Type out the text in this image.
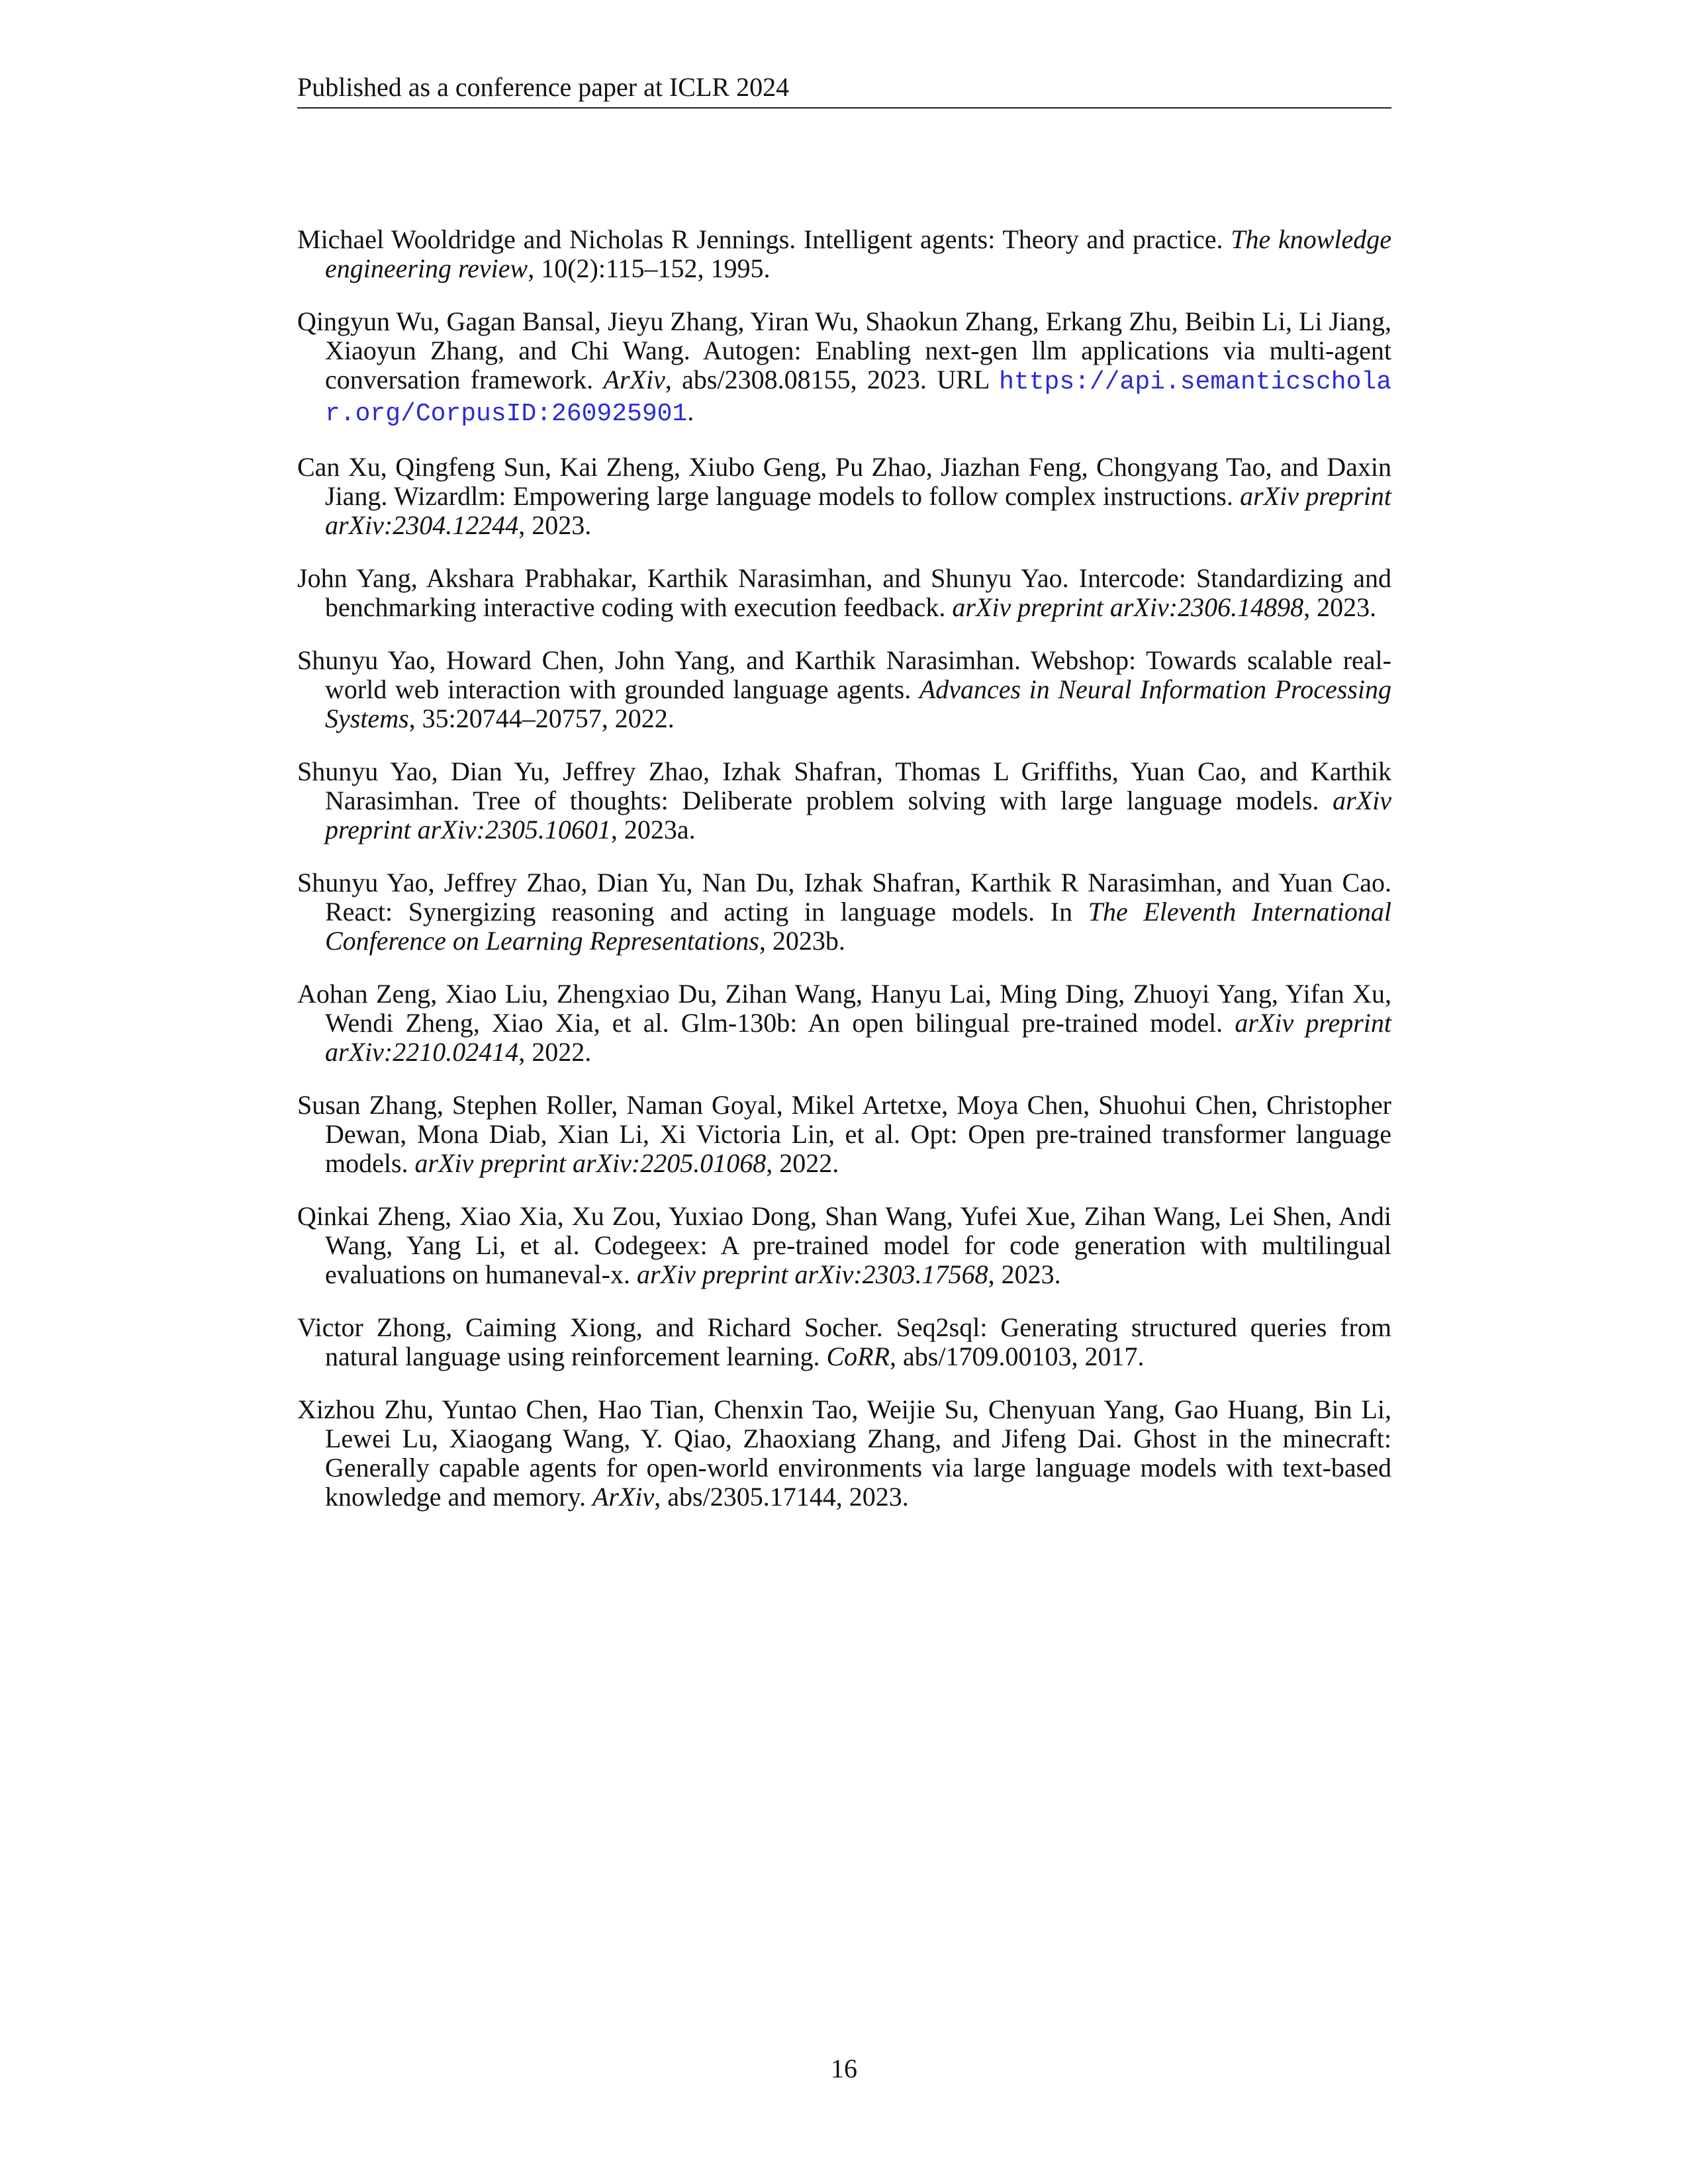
Published as a conference paper at ICLR 2024

Michael Wooldridge and Nicholas R Jennings. Intelligent agents: Theory and practice. The knowledge engineering review, 10(2):115–152, 1995.

Qingyun Wu, Gagan Bansal, Jieyu Zhang, Yiran Wu, Shaokun Zhang, Erkang Zhu, Beibin Li, Li Jiang, Xiaoyun Zhang, and Chi Wang. Autogen: Enabling next-gen llm applications via multi-agent conversation framework. ArXiv, abs/2308.08155, 2023. URL https://api.semanticscholar.org/CorpusID:260925901.

Can Xu, Qingfeng Sun, Kai Zheng, Xiubo Geng, Pu Zhao, Jiazhan Feng, Chongyang Tao, and Daxin Jiang. Wizardlm: Empowering large language models to follow complex instructions. arXiv preprint arXiv:2304.12244, 2023.

John Yang, Akshara Prabhakar, Karthik Narasimhan, and Shunyu Yao. Intercode: Standardizing and benchmarking interactive coding with execution feedback. arXiv preprint arXiv:2306.14898, 2023.

Shunyu Yao, Howard Chen, John Yang, and Karthik Narasimhan. Webshop: Towards scalable real-world web interaction with grounded language agents. Advances in Neural Information Processing Systems, 35:20744–20757, 2022.

Shunyu Yao, Dian Yu, Jeffrey Zhao, Izhak Shafran, Thomas L Griffiths, Yuan Cao, and Karthik Narasimhan. Tree of thoughts: Deliberate problem solving with large language models. arXiv preprint arXiv:2305.10601, 2023a.

Shunyu Yao, Jeffrey Zhao, Dian Yu, Nan Du, Izhak Shafran, Karthik R Narasimhan, and Yuan Cao. React: Synergizing reasoning and acting in language models. In The Eleventh International Conference on Learning Representations, 2023b.

Aohan Zeng, Xiao Liu, Zhengxiao Du, Zihan Wang, Hanyu Lai, Ming Ding, Zhuoyi Yang, Yifan Xu, Wendi Zheng, Xiao Xia, et al. Glm-130b: An open bilingual pre-trained model. arXiv preprint arXiv:2210.02414, 2022.

Susan Zhang, Stephen Roller, Naman Goyal, Mikel Artetxe, Moya Chen, Shuohui Chen, Christopher Dewan, Mona Diab, Xian Li, Xi Victoria Lin, et al. Opt: Open pre-trained transformer language models. arXiv preprint arXiv:2205.01068, 2022.

Qinkai Zheng, Xiao Xia, Xu Zou, Yuxiao Dong, Shan Wang, Yufei Xue, Zihan Wang, Lei Shen, Andi Wang, Yang Li, et al. Codegeex: A pre-trained model for code generation with multilingual evaluations on humaneval-x. arXiv preprint arXiv:2303.17568, 2023.

Victor Zhong, Caiming Xiong, and Richard Socher. Seq2sql: Generating structured queries from natural language using reinforcement learning. CoRR, abs/1709.00103, 2017.

Xizhou Zhu, Yuntao Chen, Hao Tian, Chenxin Tao, Weijie Su, Chenyuan Yang, Gao Huang, Bin Li, Lewei Lu, Xiaogang Wang, Y. Qiao, Zhaoxiang Zhang, and Jifeng Dai. Ghost in the minecraft: Generally capable agents for open-world environments via large language models with text-based knowledge and memory. ArXiv, abs/2305.17144, 2023.

16
